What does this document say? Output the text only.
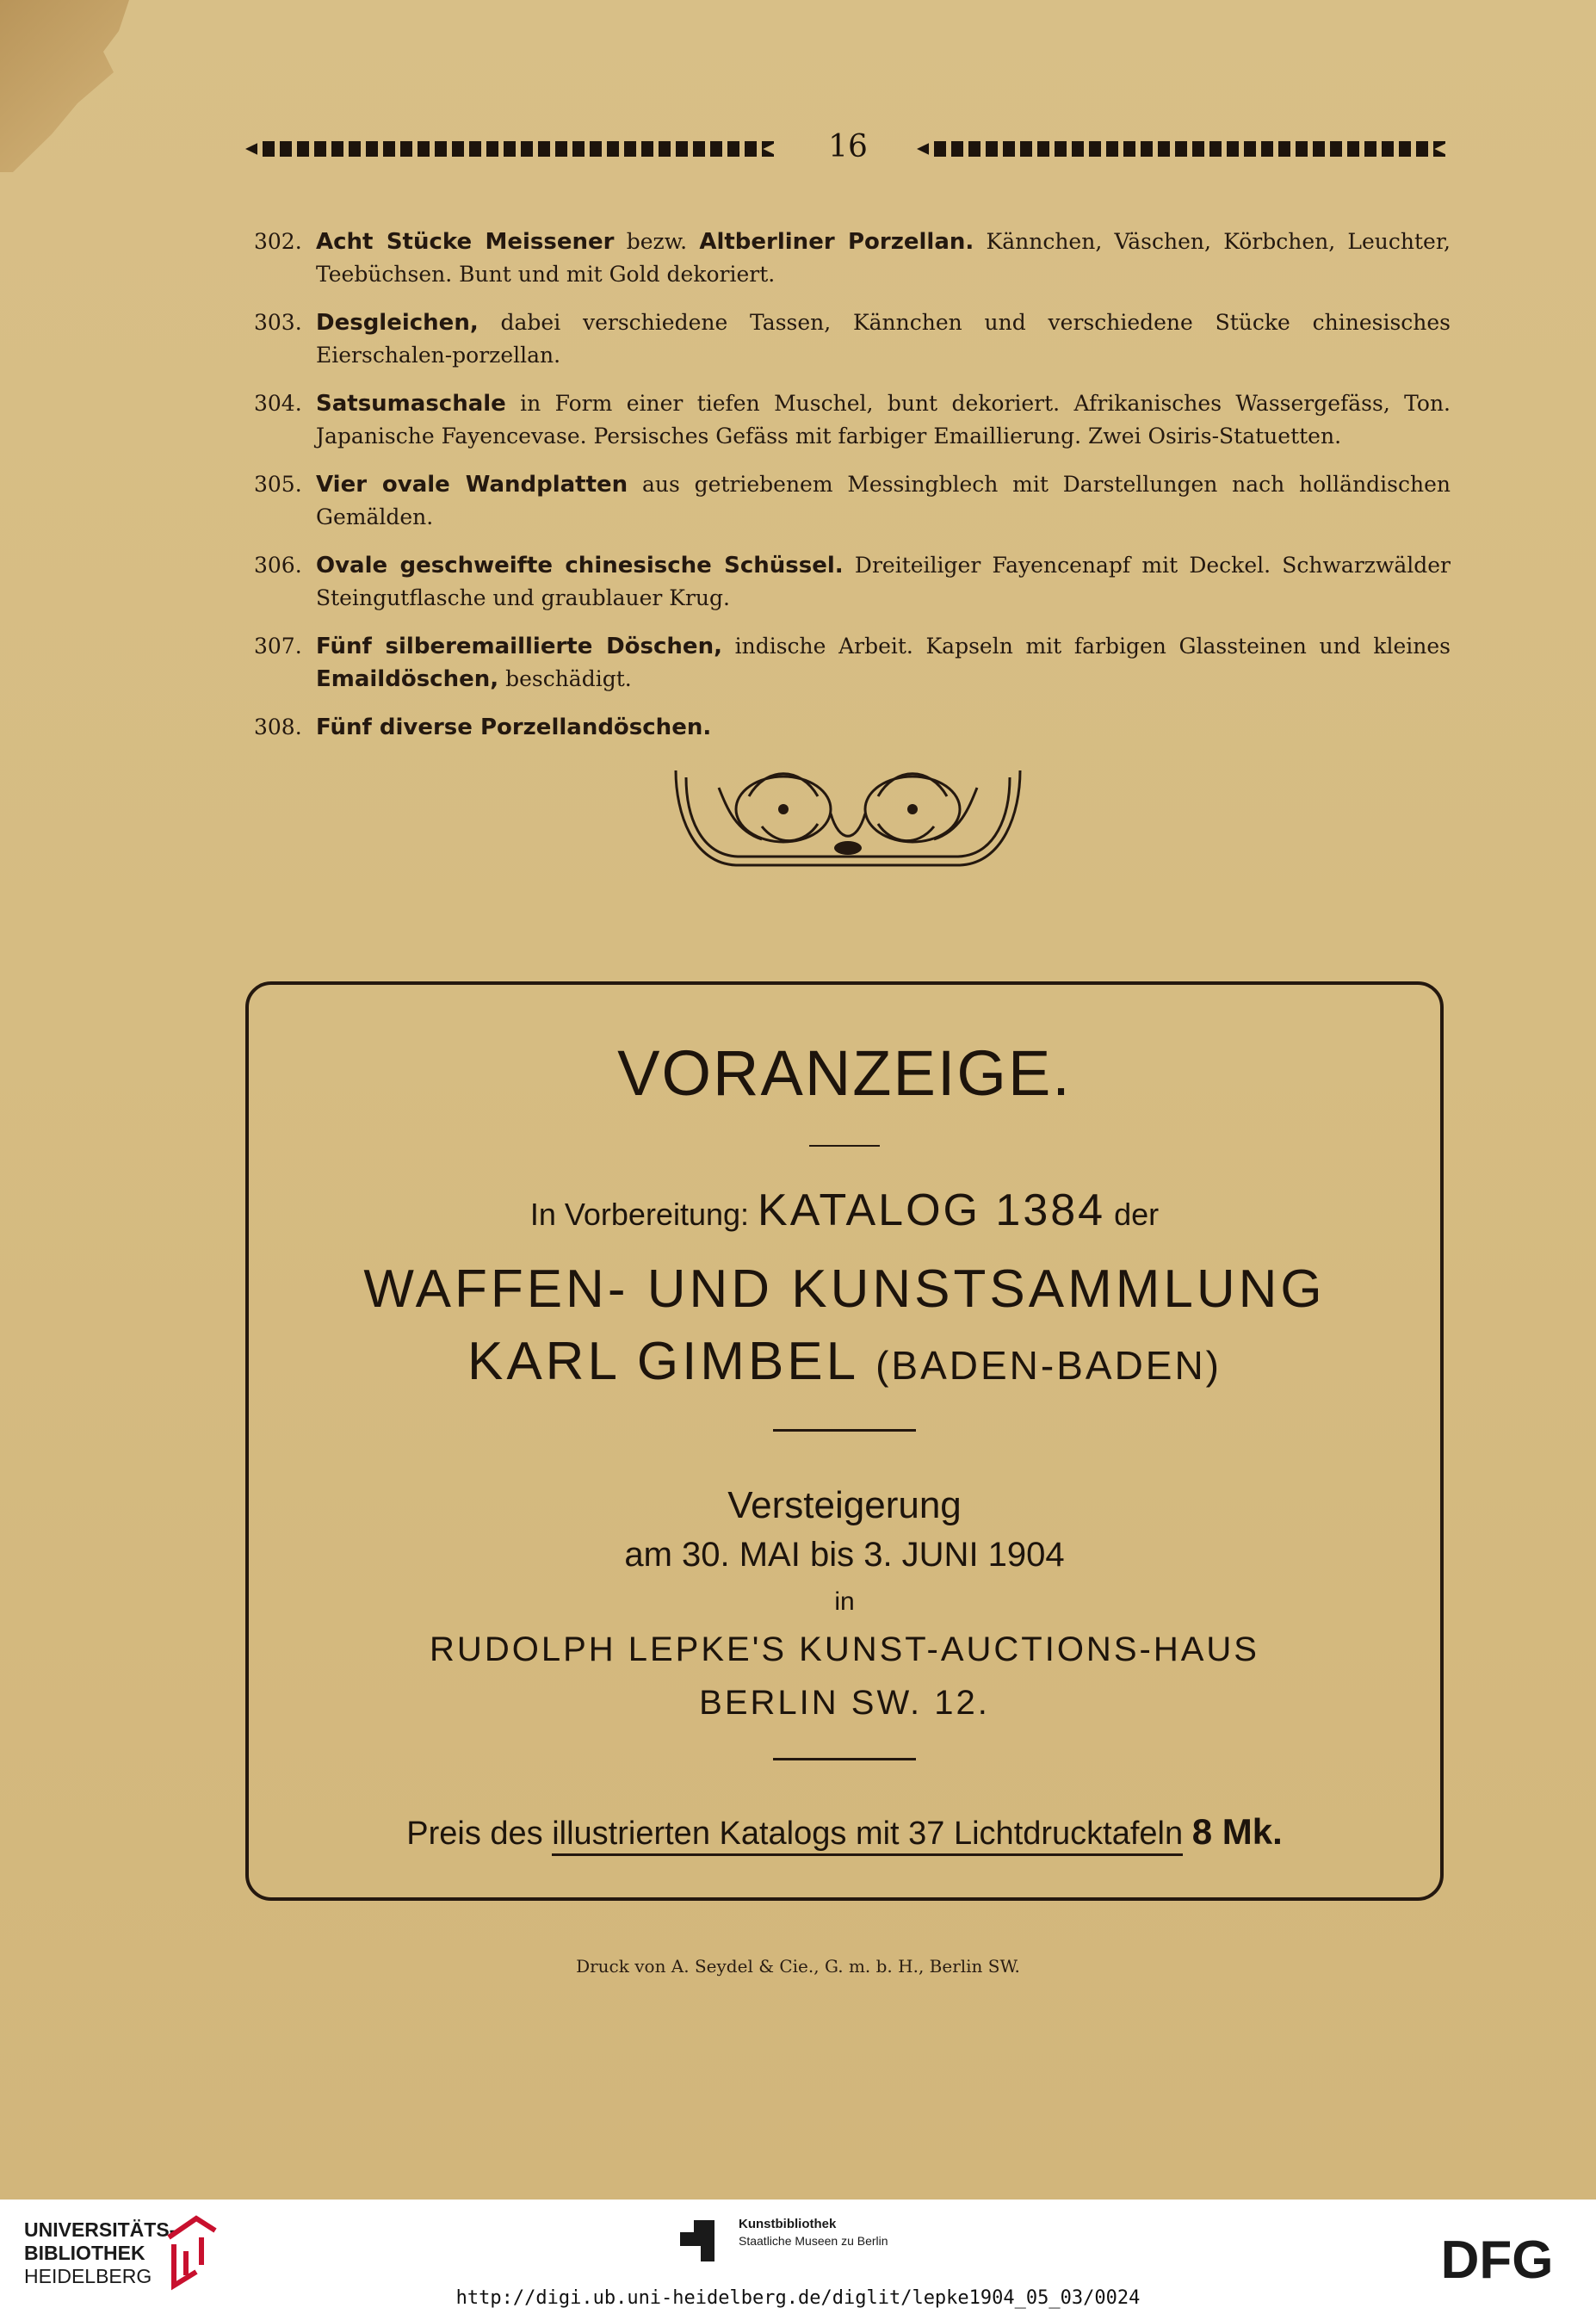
16
302. Acht Stücke Meissener bezw. Altberliner Porzellan. Kännchen, Väschen, Körbchen, Leuchter, Teebüchsen. Bunt und mit Gold dekoriert.
303. Desgleichen, dabei verschiedene Tassen, Kännchen und verschiedene Stücke chinesisches Eierschalen-porzellan.
304. Satsumaschale in Form einer tiefen Muschel, bunt dekoriert. Afrikanisches Wassergefäss, Ton. Japanische Fayencevase. Persisches Gefäss mit farbiger Emaillierung. Zwei Osiris-Statuetten.
305. Vier ovale Wandplatten aus getriebenem Messingblech mit Darstellungen nach holländischen Gemälden.
306. Ovale geschweifte chinesische Schüssel. Dreiteiliger Fayencenapf mit Deckel. Schwarzwälder Steingutflasche und graublauer Krug.
307. Fünf silberemaillierte Döschen, indische Arbeit. Kapseln mit farbigen Glassteinen und kleines Emaildöschen, beschädigt.
308. Fünf diverse Porzellandöschen.
VORANZEIGE.
In Vorbereitung: KATALOG 1384 der
WAFFEN- UND KUNSTSAMMLUNG
KARL GIMBEL (BADEN-BADEN)
Versteigerung
am 30. MAI bis 3. JUNI 1904
in
RUDOLPH LEPKE'S KUNST-AUCTIONS-HAUS
BERLIN SW. 12.
Preis des illustrierten Katalogs mit 37 Lichtdrucktafeln 8 Mk.
Druck von A. Seydel & Cie., G. m. b. H., Berlin SW.
UNIVERSITÄTS-
BIBLIOTHEK
HEIDELBERG
Kunstbibliothek
Staatliche Museen zu Berlin	DFG
http://digi.ub.uni-heidelberg.de/diglit/lepke1904_05_03/0024
